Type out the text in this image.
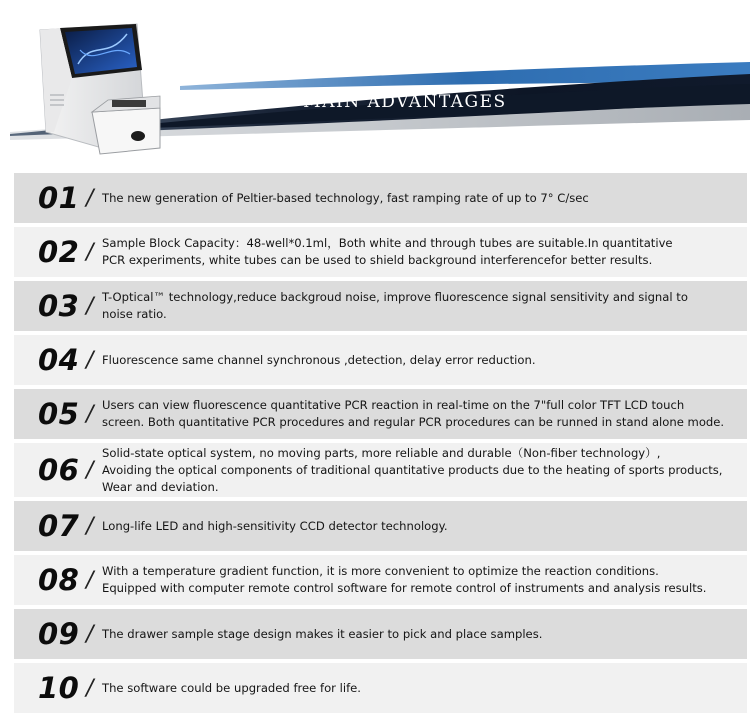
MAIN ADVANTAGES
01 / The new generation of Peltier-based technology, fast ramping rate of up to 7° C/sec
02 / Sample Block Capacity：48-well*0.1ml，Both white and through tubes are suitable.In quantitative
PCR experiments, white tubes can be used to shield background interferencefor better results.
03 / T-Optical™ technology,reduce backgroud noise, improve fluorescence signal sensitivity and signal to
noise ratio.
04 / Fluorescence same channel synchronous ,detection, delay error reduction.
05 / Users can view fluorescence quantitative PCR reaction in real-time on the 7"full color TFT LCD touch
screen. Both quantitative PCR procedures and regular PCR procedures can be runned in stand alone mode.
06 /
Solid-state optical system, no moving parts, more reliable and durable（Non-fiber technology）,
Avoiding the optical components of traditional quantitative products due to the heating of sports products,
Wear and deviation.
07 / Long-life LED and high-sensitivity CCD detector technology.
08 / With a temperature gradient function, it is more convenient to optimize the reaction conditions.
Equipped with computer remote control software for remote control of instruments and analysis results.
09 / The drawer sample stage design makes it easier to pick and place samples.
10 / The software could be upgraded free for life.
